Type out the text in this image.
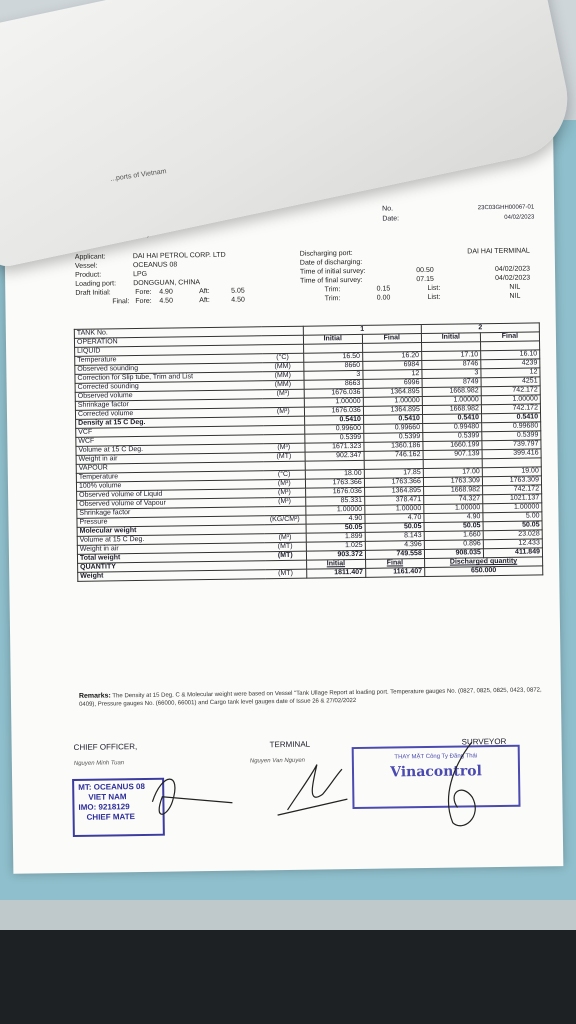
No.
Date:
23C03GHH00067-01
04/02/2023
Applicant:	DAI HAI PETROL CORP. LTD
Vessel:	OCEANUS 08
Product:	LPG
Loading port: DONGGUAN, CHINA
Draft Initial:	Fore: 4.90	Aft:	5.05
Final: Fore: 4.50	Aft:	4.50
Discharging port:	DAI HAI TERMINAL
Date of discharging:
Time of initial survey:	00.50	04/02/2023
Time of final survey:	07.15	04/02/2023
Trim:	0.15	List:	NIL
Trim:	0.00	List:	NIL
TANK No.		1		2	
OPERATION		Initial	Final	Initial	Final
LIQUID					
Temperature	(°C)	16.50	16.20	17.10	16.10
Observed sounding	(MM)	8660	6984	8746	4239
Correction for Slip tube, Trim and List	(MM)	3	12	3	12
Corrected sounding	(MM)	8663	6996	8749	4251
Observed volume	(M³)	1676.036	1364.895	1668.982	742.172
Shrinkage factor		1.00000	1.00000	1.00000	1.00000
Corrected volume	(M³)	1676.036	1364.895	1668.982	742.172
Density at 15 C Deg.		0.5410	0.5410	0.5410	0.5410
VCF		0.99600	0.99660	0.99480	0.99680
WCF		0.5399	0.5399	0.5399	0.5399
Volume at 15 C Deg.	(M³)	1671.323	1360.186	1660.199	739.797
Weight in air	(MT)	902.347	746.162	907.139	399.416
VAPOUR					
Temperature	(°C)	18.00	17.85	17.00	19.00
100% volume	(M³)	1763.366	1763.366	1763.309	1763.309
Observed volume of Liquid	(M³)	1676.036	1364.895	1668.982	742.172
Observed volume of Vapour	(M³)	85.331	378.471	74.327	1021.137
Shrinkage factor		1.00000	1.00000	1.00000	1.00000
Pressure	(KG/CM²)	4.90	4.70	4.90	5.00
Molecular weight		50.05	50.05	50.05	50.05
Volume at 15 C Deg.	(M³)	1.899	8.143	1.660	23.028
Weight in air	(MT)	1.025	4.396	0.896	12.433
Total weight	(MT)	903.372	749.558	908.035	411.849
QUANTITY		Initial	Final	Discharged quantity	
Weight	(MT)	1811.407	1161.407	650.000	
Remarks: The Density at 15 Deg. C & Molecular weight were based on Vessel "Tank Ullage Report at loading port. Temperature gauges No. (0827, 0825, 0825, 0423, 0872, 0409), Pressure gauges No. (66000, 66001) and Cargo tank level gauges date of Issue 26 & 27/02/2022
CHIEF OFFICER,
Nguyen Minh Tuan
TERMINAL
Nguyen Van Nguyen
SURVEYOR
MT: OCEANUS 08
VIET NAM
IMO: 9218129
CHIEF MATE
THAY MẶT Công Ty Đăng Thái
Vinacontrol
...ports of Vietnam
